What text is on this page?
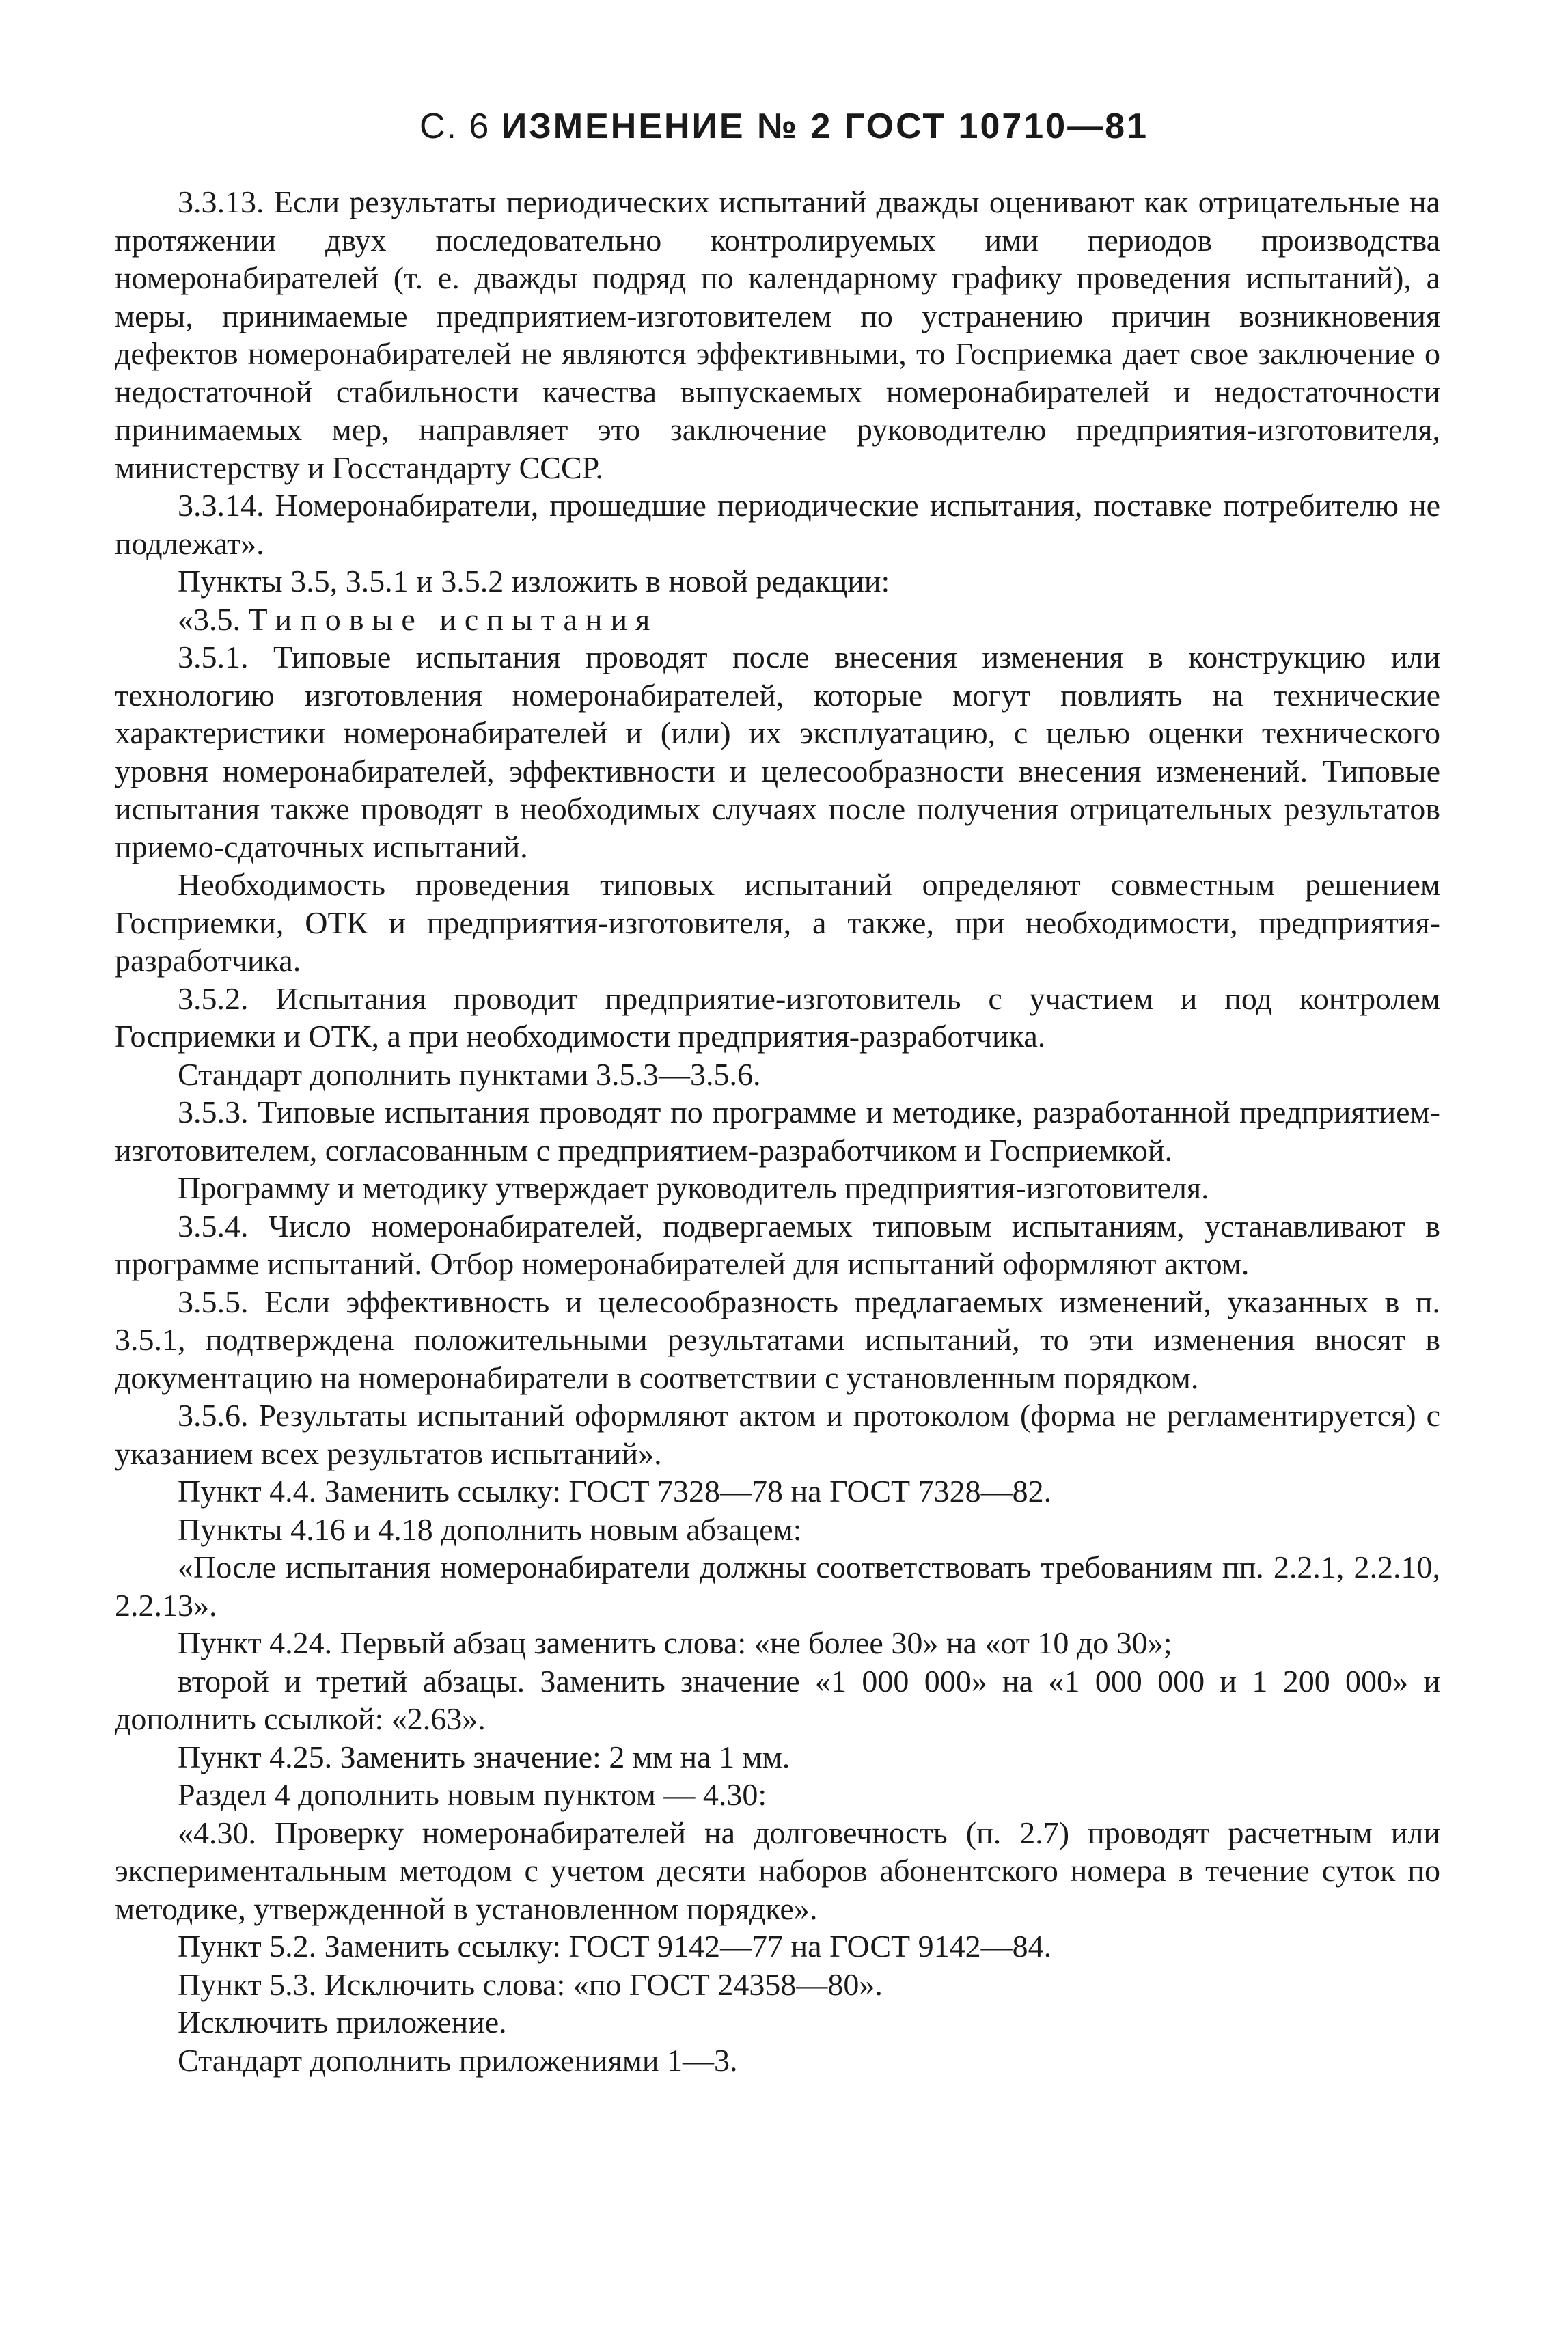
С. 6 ИЗМЕНЕНИЕ № 2 ГОСТ 10710—81

3.3.13. Если результаты периодических испытаний дважды оценивают как отрицательные на протяжении двух последовательно контролируемых ими периодов производства номеронабирателей (т. е. дважды подряд по календарному графику проведения испытаний), а меры, принимаемые предприятием-изготовителем по устранению причин возникновения дефектов номеронабирателей не являются эффективными, то Госприемка дает свое заключение о недостаточной стабильности качества выпускаемых номеронабирателей и недостаточности принимаемых мер, направляет это заключение руководителю предприятия-изготовителя, министерству и Госстандарту СССР.

3.3.14. Номеронабиратели, прошедшие периодические испытания, поставке потребителю не подлежат».

Пункты 3.5, 3.5.1 и 3.5.2 изложить в новой редакции:

«3.5. Типовые испытания

3.5.1. Типовые испытания проводят после внесения изменения в конструкцию или технологию изготовления номеронабирателей, которые могут повлиять на технические характеристики номеронабирателей и (или) их эксплуатацию, с целью оценки технического уровня номеронабирателей, эффективности и целесообразности внесения изменений. Типовые испытания также проводят в необходимых случаях после получения отрицательных результатов приемо-сдаточных испытаний.

Необходимость проведения типовых испытаний определяют совместным решением Госприемки, ОТК и предприятия-изготовителя, а также, при необходимости, предприятия-разработчика.

3.5.2. Испытания проводит предприятие-изготовитель с участием и под контролем Госприемки и ОТК, а при необходимости предприятия-разработчика.

Стандарт дополнить пунктами 3.5.3—3.5.6.

3.5.3. Типовые испытания проводят по программе и методике, разработанной предприятием-изготовителем, согласованным с предприятием-разработчиком и Госприемкой.

Программу и методику утверждает руководитель предприятия-изготовителя.

3.5.4. Число номеронабирателей, подвергаемых типовым испытаниям, устанавливают в программе испытаний. Отбор номеронабирателей для испытаний оформляют актом.

3.5.5. Если эффективность и целесообразность предлагаемых изменений, указанных в п. 3.5.1, подтверждена положительными результатами испытаний, то эти изменения вносят в документацию на номеронабиратели в соответствии с установленным порядком.

3.5.6. Результаты испытаний оформляют актом и протоколом (форма не регламентируется) с указанием всех результатов испытаний».

Пункт 4.4. Заменить ссылку: ГОСТ 7328—78 на ГОСТ 7328—82.

Пункты 4.16 и 4.18 дополнить новым абзацем:

«После испытания номеронабиратели должны соответствовать требованиям пп. 2.2.1, 2.2.10, 2.2.13».

Пункт 4.24. Первый абзац заменить слова: «не более 30» на «от 10 до 30»;

второй и третий абзацы. Заменить значение «1 000 000» на «1 000 000 и 1 200 000» и дополнить ссылкой: «2.63».

Пункт 4.25. Заменить значение: 2 мм на 1 мм.

Раздел 4 дополнить новым пунктом — 4.30:

«4.30. Проверку номеронабирателей на долговечность (п. 2.7) проводят расчетным или экспериментальным методом с учетом десяти наборов абонентского номера в течение суток по методике, утвержденной в установленном порядке».

Пункт 5.2. Заменить ссылку: ГОСТ 9142—77 на ГОСТ 9142—84.

Пункт 5.3. Исключить слова: «по ГОСТ 24358—80».

Исключить приложение.

Стандарт дополнить приложениями 1—3.
